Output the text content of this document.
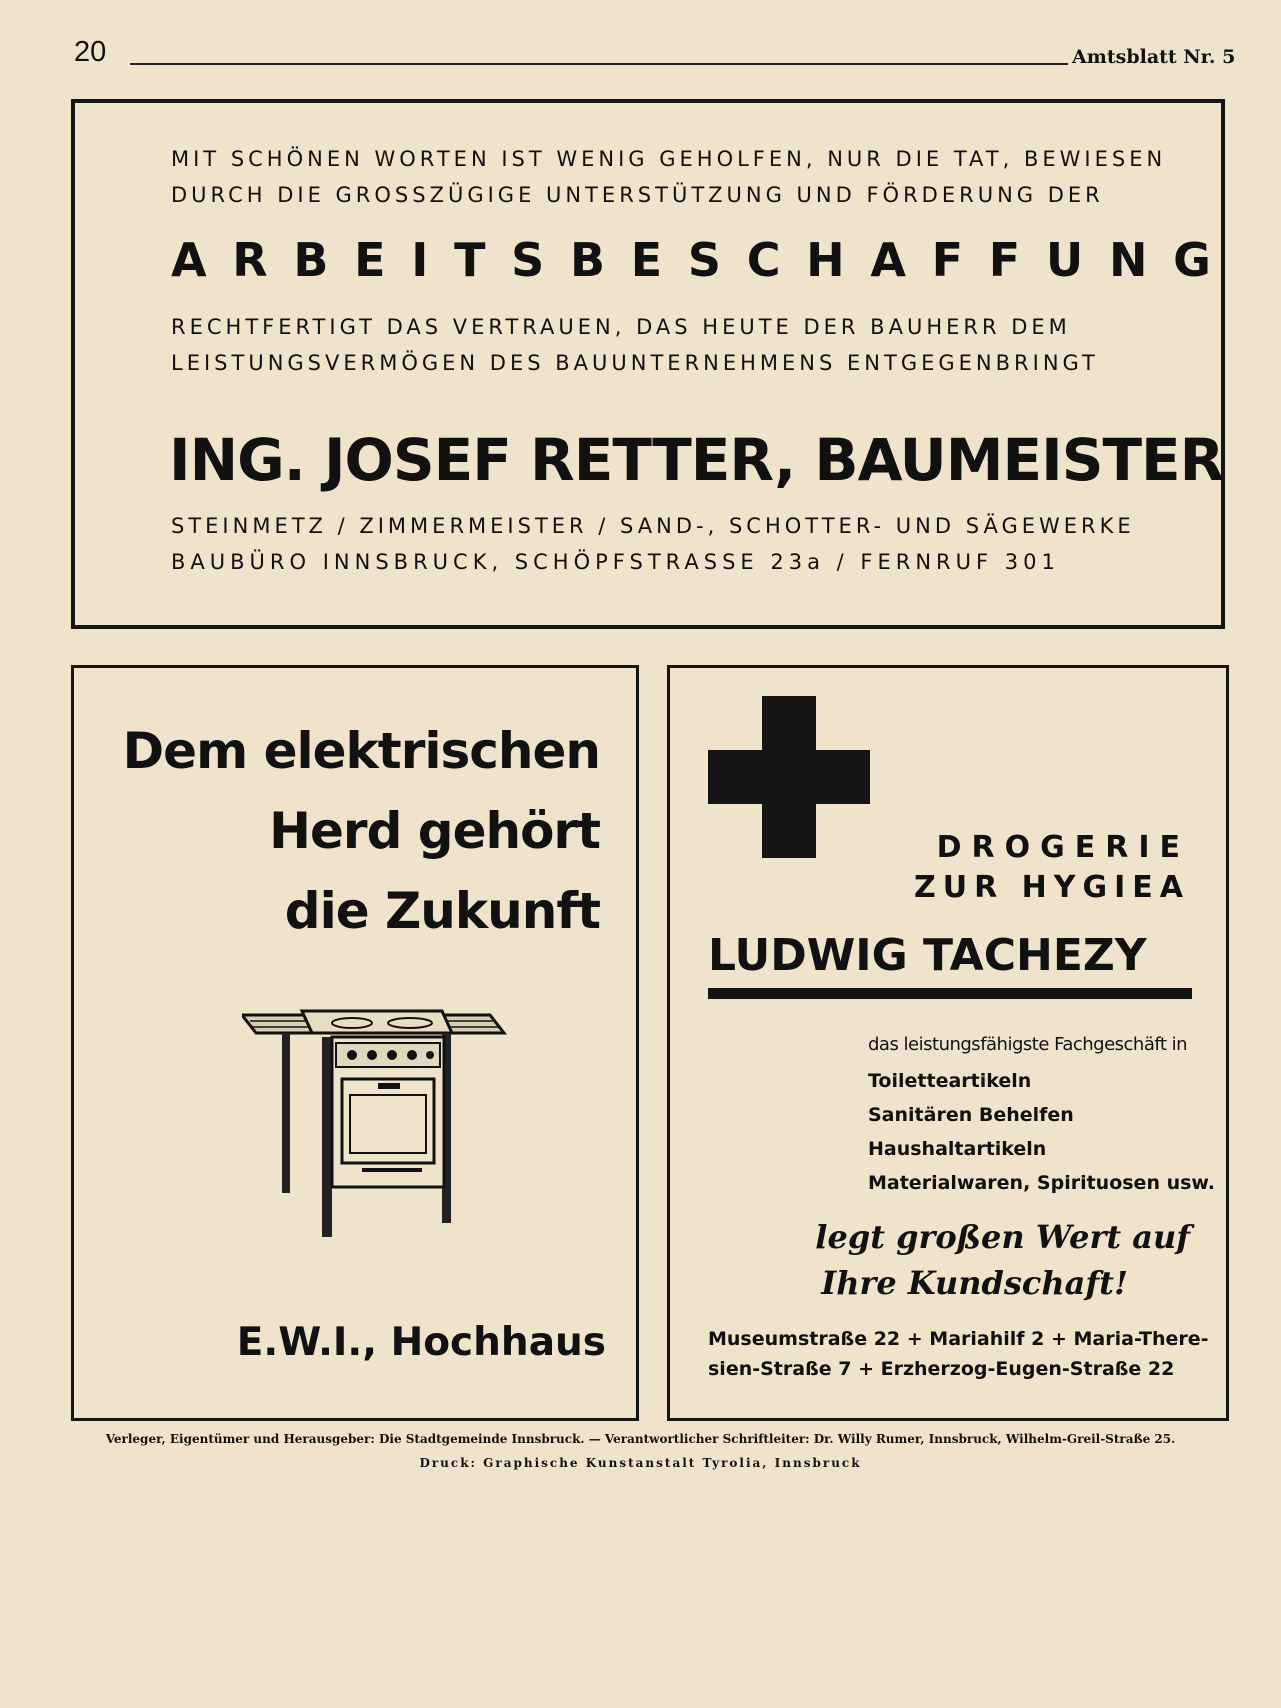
20	Amtsblatt Nr. 5
MIT SCHÖNEN WORTEN IST WENIG GEHOLFEN, NUR DIE TAT, BEWIESEN
DURCH DIE GROSSZÜGIGE UNTERSTÜTZUNG UND FÖRDERUNG DER
A R B E I T S B E S C H A F F U N G
RECHTFERTIGT DAS VERTRAUEN, DAS HEUTE DER BAUHERR DEM
LEISTUNGSVERMÖGEN DES BAUUNTERNEHMENS ENTGEGENBRINGT
ING. JOSEF RETTER, BAUMEISTER
STEINMETZ / ZIMMERMEISTER / SAND-, SCHOTTER- UND SÄGEWERKE
BAUBÜRO INNSBRUCK, SCHÖPFSTRASSE 23a / FERNRUF 301
Dem elektrischen
Herd gehört
die Zukunft
E.W.I., Hochhaus
DROGERIE
ZUR HYGIEA
LUDWIG TACHEZY
das leistungsfähigste Fachgeschäft in
Toiletteartikeln
Sanitären Behelfen
Haushaltartikeln
Materialwaren, Spirituosen usw.
legt großen Wert auf
Ihre Kundschaft!
Museumstraße 22 + Mariahilf 2 + Maria-There-
sien-Straße 7 + Erzherzog-Eugen-Straße 22
Verleger, Eigentümer und Herausgeber: Die Stadtgemeinde Innsbruck. — Verantwortlicher Schriftleiter: Dr. Willy Rumer, Innsbruck, Wilhelm-Greil-Straße 25.
Druck: Graphische Kunstanstalt Tyrolia, Innsbruck
